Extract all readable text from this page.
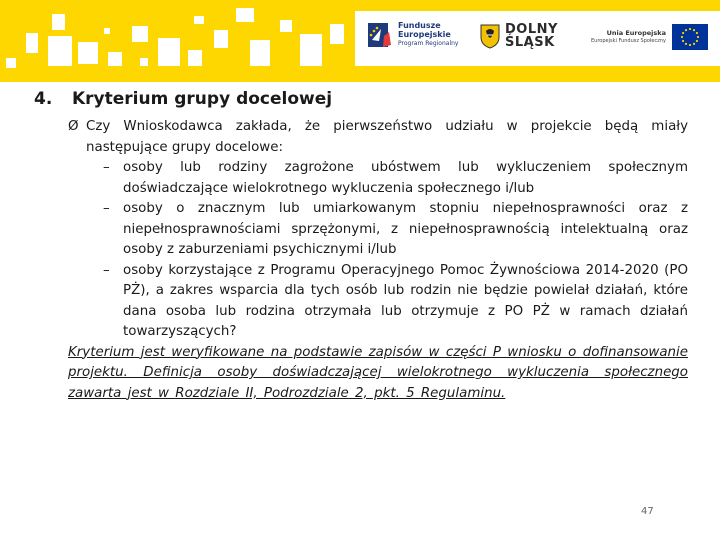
Fundusze
Europejskie
Program Regionalny
DOLNY
ŚLĄSK
Unia Europejska
Europejski Fundusz Społeczny
4. Kryterium grupy docelowej

Ø Czy Wnioskodawca zakłada, że pierwszeństwo udziału w projekcie będą miały następujące grupy docelowe:

– osoby lub rodziny zagrożone ubóstwem lub wykluczeniem społecznym doświadczające wielokrotnego wykluczenia społecznego i/lub

– osoby o znacznym lub umiarkowanym stopniu niepełnosprawności oraz z niepełnosprawnościami sprzężonymi, z niepełnosprawnością intelektualną oraz osoby z zaburzeniami psychicznymi i/lub

– osoby korzystające z Programu Operacyjnego Pomoc Żywnościowa 2014-2020 (PO PŻ), a zakres wsparcia dla tych osób lub rodzin nie będzie powielał działań, które dana osoba lub rodzina otrzymała lub otrzymuje z PO PŻ w ramach działań towarzyszących?

Kryterium jest weryfikowane na podstawie zapisów w części P wniosku o dofinansowanie projektu. Definicja osoby doświadczającej wielokrotnego wykluczenia społecznego zawarta jest w Rozdziale II, Podrozdziale 2, pkt. 5 Regulaminu.

47
